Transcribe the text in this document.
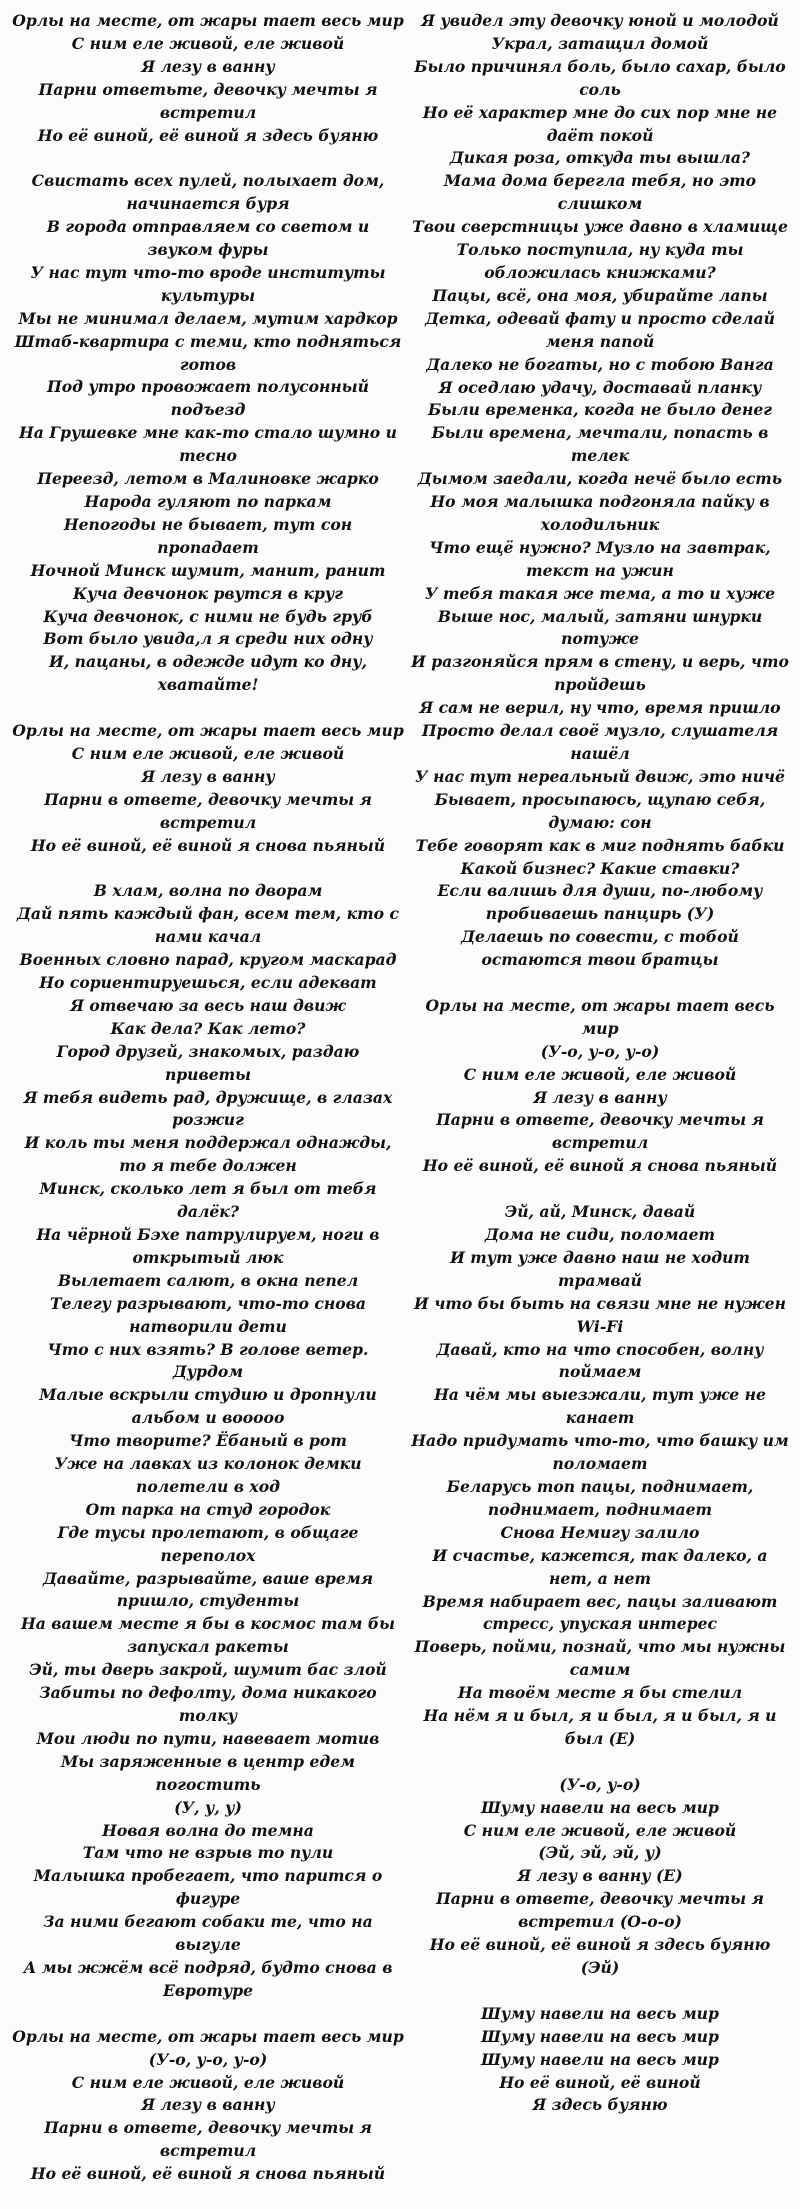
Орлы на месте, от жары тает весь мир
С ним еле живой, еле живой
Я лезу в ванну
Парни ответьте, девочку мечты я встретил
Но её виной, её виной я здесь буяню
Свистать всех пулей, полыхает дом, начинается буря
В города отправляем со светом и звуком фуры
У нас тут что-то вроде институты культуры
Мы не минимал делаем, мутим хардкор
Штаб-квартира с теми, кто подняться готов
Под утро провожает полусонный подъезд
На Грушевке мне как-то стало шумно и тесно
Переезд, летом в Малиновке жарко
Народа гуляют по паркам
Непогоды не бывает, тут сон пропадает
Ночной Минск шумит, манит, ранит
Куча девчонок рвутся в круг
Куча девчонок, с ними не будь груб
Вот было увида,л я среди них одну
И, пацаны, в одежде идут ко дну, хватайте!
Орлы на месте, от жары тает весь мир
С ним еле живой, еле живой
Я лезу в ванну
Парни в ответе, девочку мечты я встретил
Но её виной, её виной я снова пьяный
В хлам, волна по дворам
Дай пять каждый фан, всем тем, кто с нами качал
Военных словно парад, кругом маскарад
Но сориентируешься, если адекват
Я отвечаю за весь наш движ
Как дела? Как лето?
Город друзей, знакомых, раздаю приветы
Я тебя видеть рад, дружище, в глазах розжиг
И коль ты меня поддержал однажды, то я тебе должен
Минск, сколько лет я был от тебя далёк?
На чёрной Бэхе патрулируем, ноги в открытый люк
Вылетает салют, в окна пепел
Телегу разрывают, что-то снова натворили дети
Что с них взять? В голове ветер. Дурдом
Малые вскрыли студию и дропнули альбом и вооооо
Что творите? Ёбаный в рот
Уже на лавках из колонок демки полетели в ход
От парка на студ городок
Где тусы пролетают, в общаге переполох
Давайте, разрывайте, ваше время пришло, студенты
На вашем месте я бы в космос там бы запускал ракеты
Эй, ты дверь закрой, шумит бас злой
Забиты по дефолту, дома никакого толку
Мои люди по пути, навевает мотив
Мы заряженные в центр едем погостить
(У, у, у)
Новая волна до темна
Там что не взрыв то пули
Малышка пробегает, что парится о фигуре
За ними бегают собаки те, что на выгуле
А мы жжём всё подряд, будто снова в Евротуре
Орлы на месте, от жары тает весь мир
(У-о, у-о, у-о)
С ним еле живой, еле живой
Я лезу в ванну
Парни в ответе, девочку мечты я встретил
Но её виной, её виной я снова пьяный
Я увидел эту девочку юной и молодой
Украл, затащил домой
Было причинял боль, было сахар, было соль
Но её характер мне до сих пор мне не даёт покой
Дикая роза, откуда ты вышла?
Мама дома берегла тебя, но это слишком
Твои сверстницы уже давно в хламище
Только поступила, ну куда ты обложилась книжками?
Пацы, всё, она моя, убирайте лапы
Детка, одевай фату и просто сделай меня папой
Далеко не богаты, но с тобою Ванга
Я оседлаю удачу, доставай планку
Были временка, когда не было денег
Были времена, мечтали, попасть в телек
Дымом заедали, когда нечё было есть
Но моя малышка подгоняла пайку в холодильник
Что ещё нужно? Музло на завтрак, текст на ужин
У тебя такая же тема, а то и хуже
Выше нос, малый, затяни шнурки потуже
И разгоняйся прям в стену, и верь, что пройдешь
Я сам не верил, ну что, время пришло
Просто делал своё музло, слушателя нашёл
У нас тут нереальный движ, это ничё
Бывает, просыпаюсь, щупаю себя, думаю: сон
Тебе говорят как в миг поднять бабки
Какой бизнес? Какие ставки?
Если валишь для души, по-любому пробиваешь панцирь (У)
Делаешь по совести, с тобой остаются твои братцы
Орлы на месте, от жары тает весь мир
(У-о, у-о, у-о)
С ним еле живой, еле живой
Я лезу в ванну
Парни в ответе, девочку мечты я встретил
Но её виной, её виной я снова пьяный
Эй, ай, Минск, давай
Дома не сиди, поломает
И тут уже давно наш не ходит трамвай
И что бы быть на связи мне не нужен Wi-Fi
Давай, кто на что способен, волну поймаем
На чём мы выезжали, тут уже не канает
Надо придумать что-то, что башку им поломает
Беларусь топ пацы, поднимает, поднимает, поднимает
Снова Немигу залило
И счастье, кажется, так далеко, а нет, а нет
Время набирает вес, пацы заливают стресс, упуская интерес
Поверь, пойми, познай, что мы нужны самим
На твоём месте я бы стелил
На нём я и был, я и был, я и был, я и был (Е)
(У-о, у-о)
Шуму навели на весь мир
С ним еле живой, еле живой
(Эй, эй, эй, у)
Я лезу в ванну (Е)
Парни в ответе, девочку мечты я встретил (О-о-о)
Но её виной, её виной я здесь буяню (Эй)
Шуму навели на весь мир
Шуму навели на весь мир
Шуму навели на весь мир
Но её виной, её виной
Я здесь буяню
